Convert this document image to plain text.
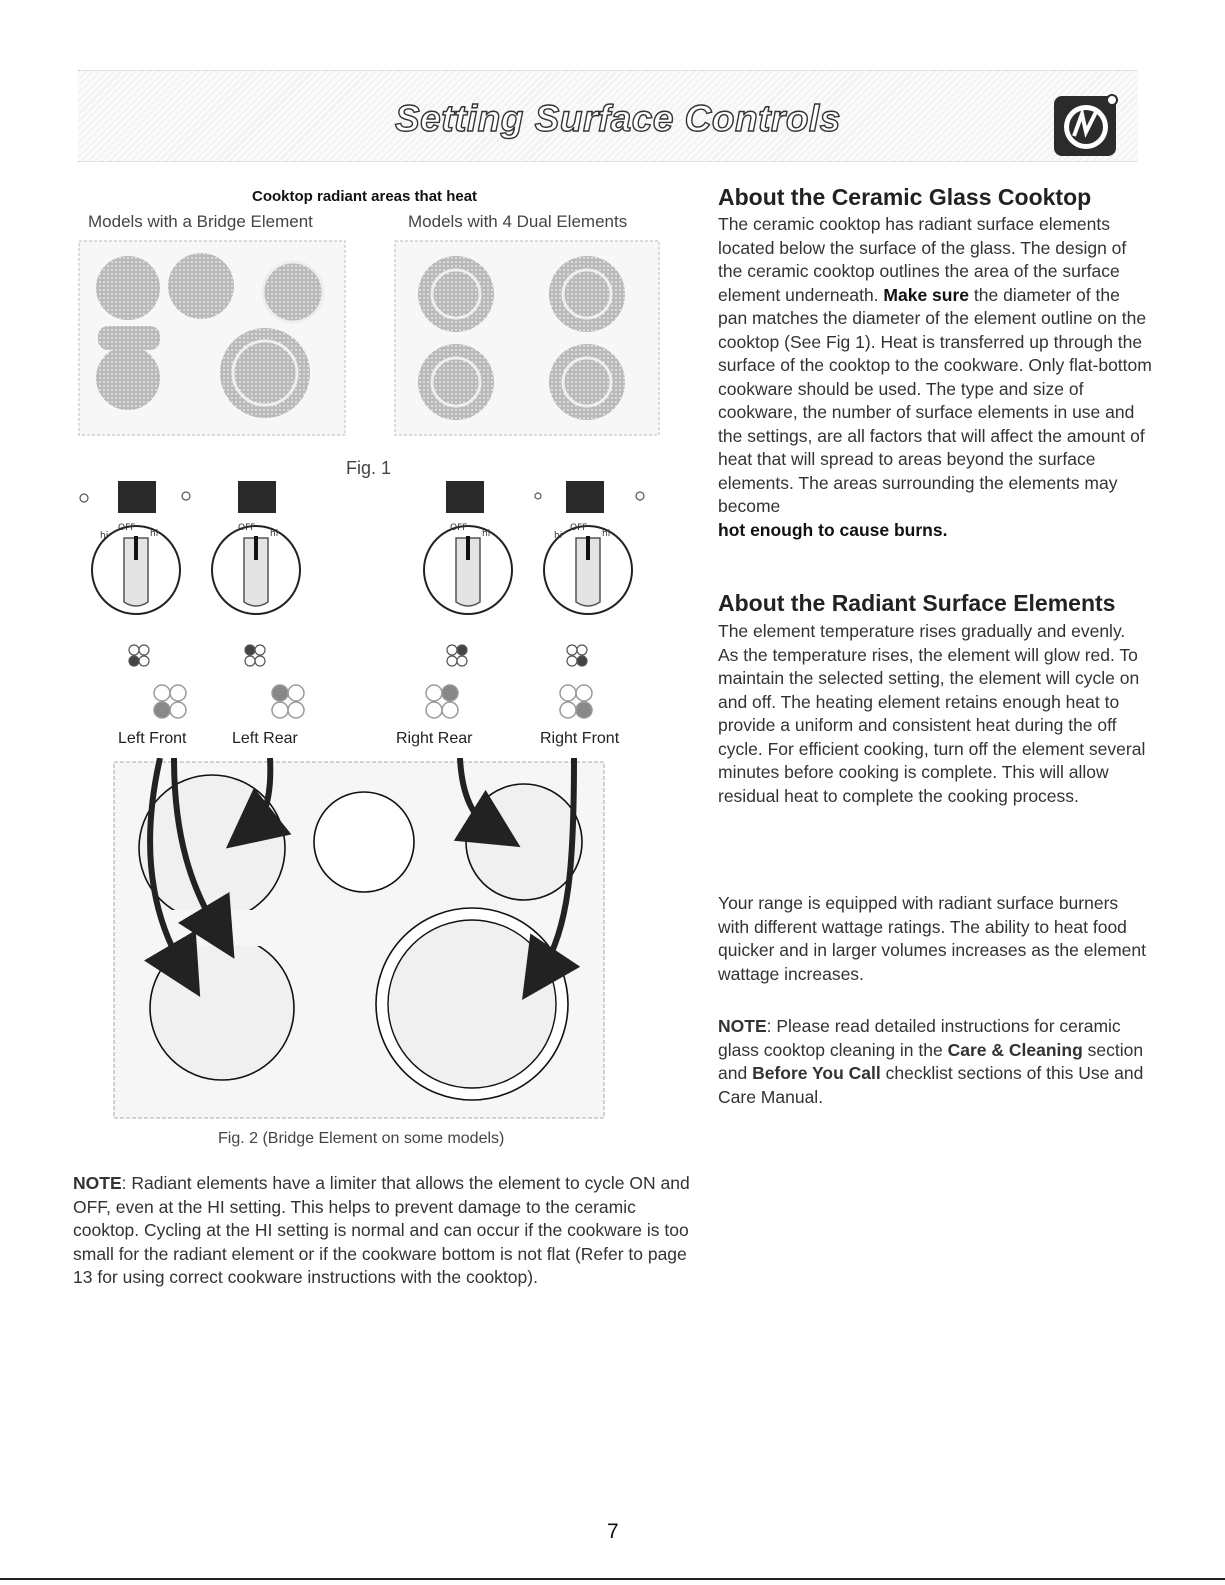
Setting Surface Controls
Cooktop radiant areas that heat
Models with a Bridge Element	Models with 4 Dual Elements
Fig. 1
OFF
hi
hi
OFF
hi
OFF
hi
OFF
hi
hi
Left Front	Left Rear	Right Rear	Right Front
Fig. 2 (Bridge Element on some models)
NOTE: Radiant elements have a limiter that allows the element to cycle ON and OFF, even at the HI setting. This helps to prevent damage to the ceramic cooktop. Cycling at the HI setting is normal and can occur if the cookware is too small for the radiant element or if the cookware bottom is not flat (Refer to page 13 for using correct cookware instructions with the cooktop).
About the Ceramic Glass Cooktop
The ceramic cooktop has radiant surface elements located below the surface of the glass. The design of the ceramic cooktop outlines the area of the surface element underneath. Make sure the diameter of the pan matches the diameter of the element outline on the cooktop (See Fig 1). Heat is transferred up through the surface of the cooktop to the cookware. Only flat-bottom cookware should be used. The type and size of cookware, the number of surface elements in use and the settings, are all factors that will affect the amount of heat that will spread to areas beyond the surface elements. The areas surrounding the elements may become
hot enough to cause burns.
About the Radiant Surface Elements
The element temperature rises gradually and evenly. As the temperature rises, the element will glow red. To maintain the selected setting, the element will cycle on and off. The heating element retains enough heat to provide a uniform and consistent heat during the off cycle. For efficient cooking, turn off the element several minutes before cooking is complete. This will allow residual heat to complete the cooking process.
Your range is equipped with radiant surface burners with different wattage ratings. The ability to heat food quicker and in larger volumes increases as the element wattage increases.
NOTE: Please read detailed instructions for ceramic glass cooktop cleaning in the Care & Cleaning section and Before You Call checklist sections of this Use and Care Manual.
7
